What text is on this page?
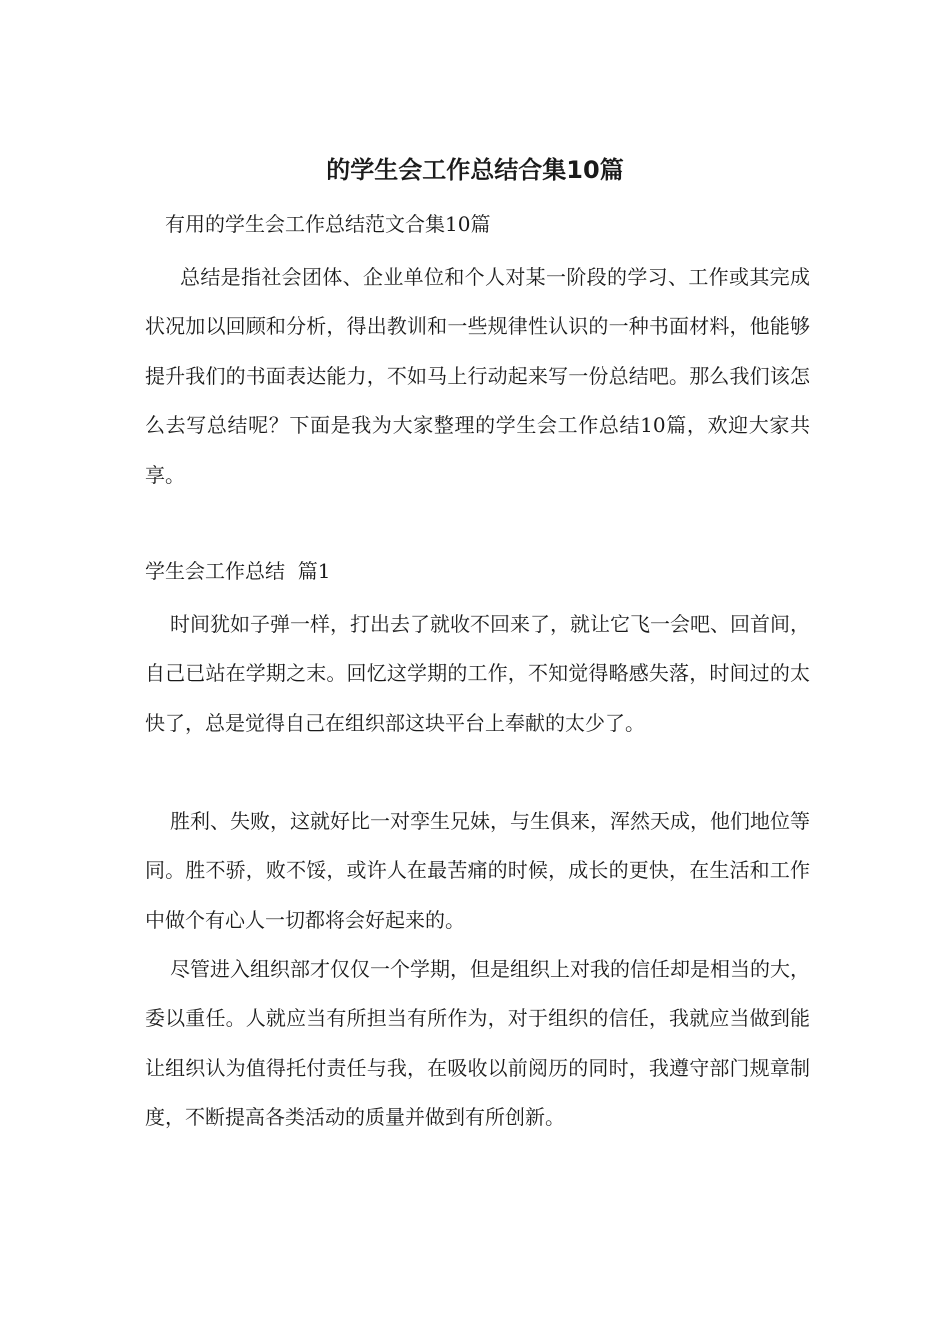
的学生会工作总结合集10篇

有用的学生会工作总结范文合集10篇

总结是指社会团体、企业单位和个人对某一阶段的学习、工作或其完成状况加以回顾和分析，得出教训和一些规律性认识的一种书面材料，他能够提升我们的书面表达能力，不如马上行动起来写一份总结吧。那么我们该怎么去写总结呢？下面是我为大家整理的学生会工作总结10篇，欢迎大家共享。

学生会工作总结  篇1

时间犹如子弹一样，打出去了就收不回来了，就让它飞一会吧、回首间，自己已站在学期之末。回忆这学期的工作，不知觉得略感失落，时间过的太快了，总是觉得自己在组织部这块平台上奉献的太少了。

胜利、失败，这就好比一对孪生兄妹，与生俱来，浑然天成，他们地位等同。胜不骄，败不馁，或许人在最苦痛的时候，成长的更快，在生活和工作中做个有心人一切都将会好起来的。

尽管进入组织部才仅仅一个学期，但是组织上对我的信任却是相当的大，委以重任。人就应当有所担当有所作为，对于组织的信任，我就应当做到能让组织认为值得托付责任与我，在吸收以前阅历的同时，我遵守部门规章制度，不断提高各类活动的质量并做到有所创新。
